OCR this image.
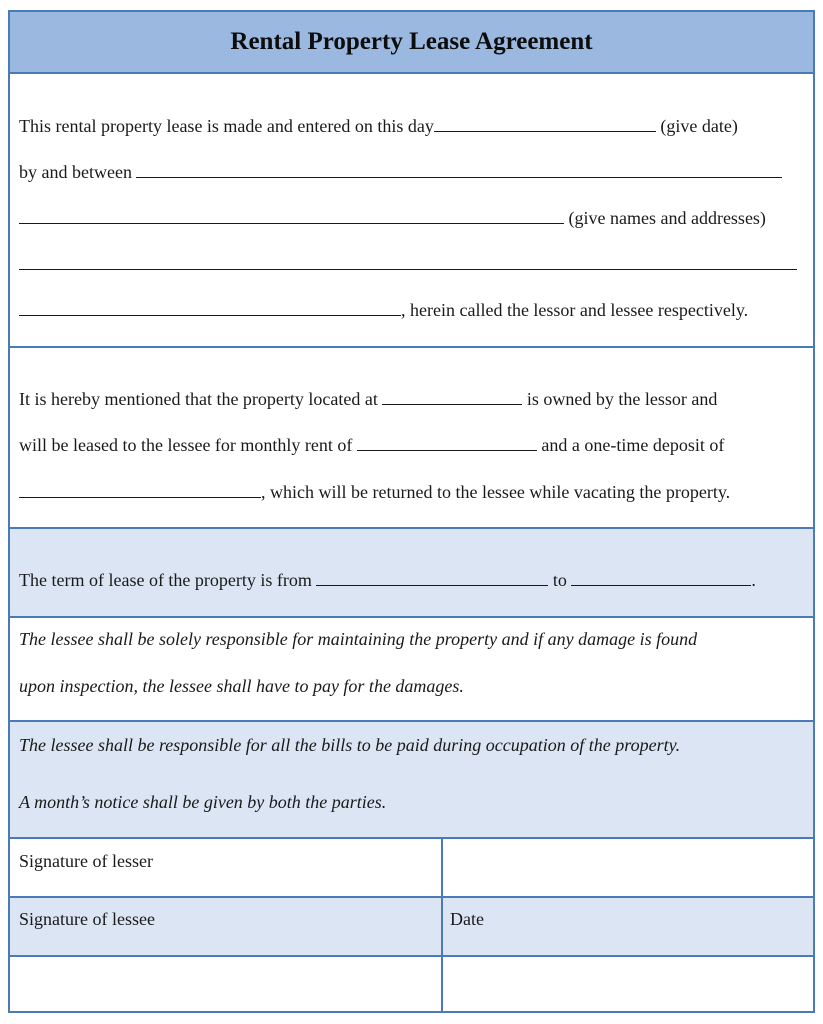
Rental Property Lease Agreement
This rental property lease is made and entered on this day	(give date)
by and between
(give names and addresses)
, herein called the lessor and lessee respectively.
It is hereby mentioned that the property located at	is owned by the lessor and
will be leased to the lessee for monthly rent of	and a one-time deposit of
, which will be returned to the lessee while vacating the property.
The term of lease of the property is from	to	.
The lessee shall be solely responsible for maintaining the property and if any damage is found
upon inspection, the lessee shall have to pay for the damages.
The lessee shall be responsible for all the bills to be paid during occupation of the property.
A month’s notice shall be given by both the parties.
Signature of lesser
Signature of lessee	Date
